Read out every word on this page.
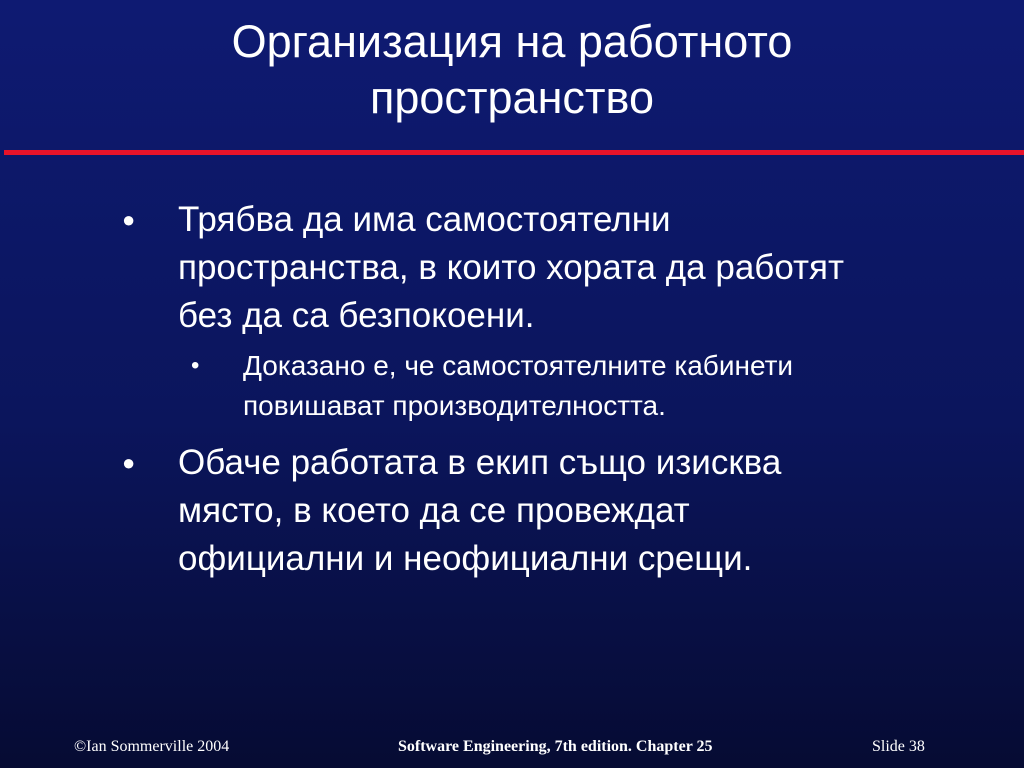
Организация на работното
пространство
● Трябва да има самостоятелни
пространства, в които хората да работят
без да са безпокоени.
• Доказано е, че самостоятелните кабинети
повишават производителността.
● Обаче работата в екип също изисква
място, в което да се провеждат
официални и неофициални срещи.
©Ian Sommerville 2004	Software Engineering, 7th edition. Chapter 25	Slide 38
